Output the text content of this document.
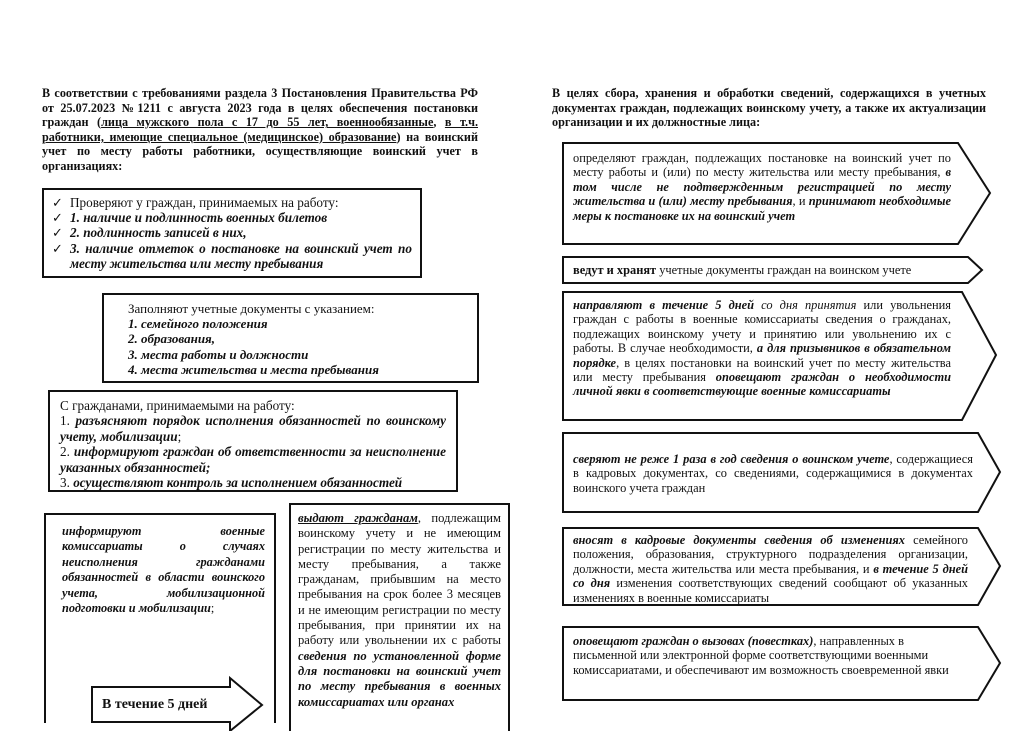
В соответствии с требованиями раздела 3 Постановления Правительства РФ от 25.07.2023 №1211 с августа 2023 года в целях обеспечения постановки граждан (лица мужского пола с 17 до 55 лет, военнообязанные, в т.ч. работники, имеющие специальное (медицинское) образование) на воинский учет по месту работы работники, осуществляющие воинский учет в организациях:
✓ Проверяют у граждан, принимаемых на работу:
✓ 1. наличие и подлинность военных билетов
✓ 2. подлинность записей в них,
✓ 3. наличие отметок о постановке на воинский учет по месту жительства или месту пребывания
Заполняют учетные документы с указанием:
1. семейного положения
2. образования,
3. места работы и должности
4. места жительства и места пребывания
С гражданами, принимаемыми на работу:
1. разъясняют порядок исполнения обязанностей по воинскому учету, мобилизации;
2. информируют граждан об ответственности за неисполнение указанных обязанностей;
3. осуществляют контроль за исполнением обязанностей
информируют военные комиссариаты о случаях неисполнения гражданами обязанностей в области воинского учета, мобилизационной подготовки и мобилизации;
В течение 5 дней
выдают гражданам, подлежащим воинскому учету и не имеющим регистрации по месту жительства и месту пребывания, а также гражданам, прибывшим на место пребывания на срок более 3 месяцев и не имеющим регистрации по месту пребывания, при принятии их на работу или увольнении их с работы сведения по установленной форме для постановки на воинский учет по месту пребывания в военных комиссариатах или органах
В целях сбора, хранения и обработки сведений, содержащихся в учетных документах граждан, подлежащих воинскому учету, а также их актуализации организации и их должностные лица:
определяют граждан, подлежащих постановке на воинский учет по месту работы и (или) по месту жительства или месту пребывания, в том числе не подтвержденным регистрацией по месту жительства и (или) месту пребывания, и принимают необходимые меры к постановке их на воинский учет
ведут и хранят учетные документы граждан на воинском учете
направляют в течение 5 дней со дня принятия или увольнения граждан с работы в военные комиссариаты сведения о гражданах, подлежащих воинскому учету и принятию или увольнению их с работы. В случае необходимости, а для призывников в обязательном порядке, в целях постановки на воинский учет по месту жительства или месту пребывания оповещают граждан о необходимости личной явки в соответствующие военные комиссариаты
сверяют не реже 1 раза в год сведения о воинском учете, содержащиеся в кадровых документах, со сведениями, содержащимися в документах воинского учета граждан
вносят в кадровые документы сведения об изменениях семейного положения, образования, структурного подразделения организации, должности, места жительства или места пребывания, и в течение 5 дней со дня изменения соответствующих сведений сообщают об указанных изменениях в военные комиссариаты
оповещают граждан о вызовах (повестках), направленных в письменной или электронной форме соответствующими военными комиссариатами, и обеспечивают им возможность своевременной явки
